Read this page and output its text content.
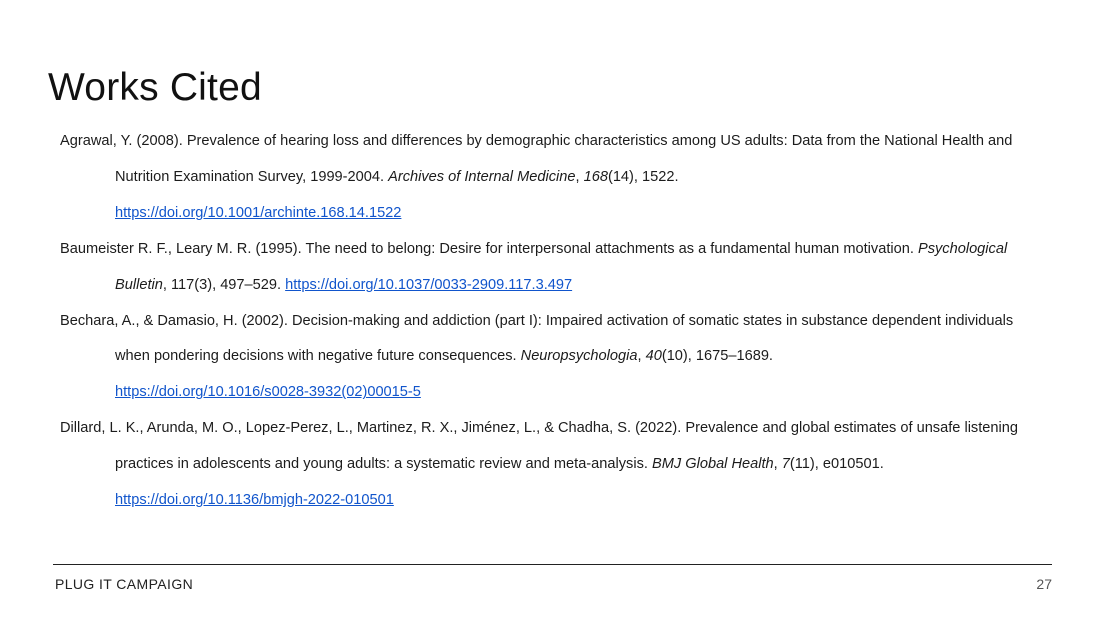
Works Cited

Agrawal, Y. (2008). Prevalence of hearing loss and differences by demographic characteristics among US adults: Data from the National Health and Nutrition Examination Survey, 1999-2004. Archives of Internal Medicine, 168(14), 1522.
https://doi.org/10.1001/archinte.168.14.1522

Baumeister R. F., Leary M. R. (1995). The need to belong: Desire for interpersonal attachments as a fundamental human motivation. Psychological Bulletin, 117(3), 497–529. https://doi.org/10.1037/0033-2909.117.3.497

Bechara, A., & Damasio, H. (2002). Decision-making and addiction (part I): Impaired activation of somatic states in substance dependent individuals when pondering decisions with negative future consequences. Neuropsychologia, 40(10), 1675–1689.
https://doi.org/10.1016/s0028-3932(02)00015-5

Dillard, L. K., Arunda, M. O., Lopez-Perez, L., Martinez, R. X., Jiménez, L., & Chadha, S. (2022). Prevalence and global estimates of unsafe listening practices in adolescents and young adults: a systematic review and meta-analysis. BMJ Global Health, 7(11), e010501. https://doi.org/10.1136/bmjgh-2022-010501

PLUG IT CAMPAIGN	27
